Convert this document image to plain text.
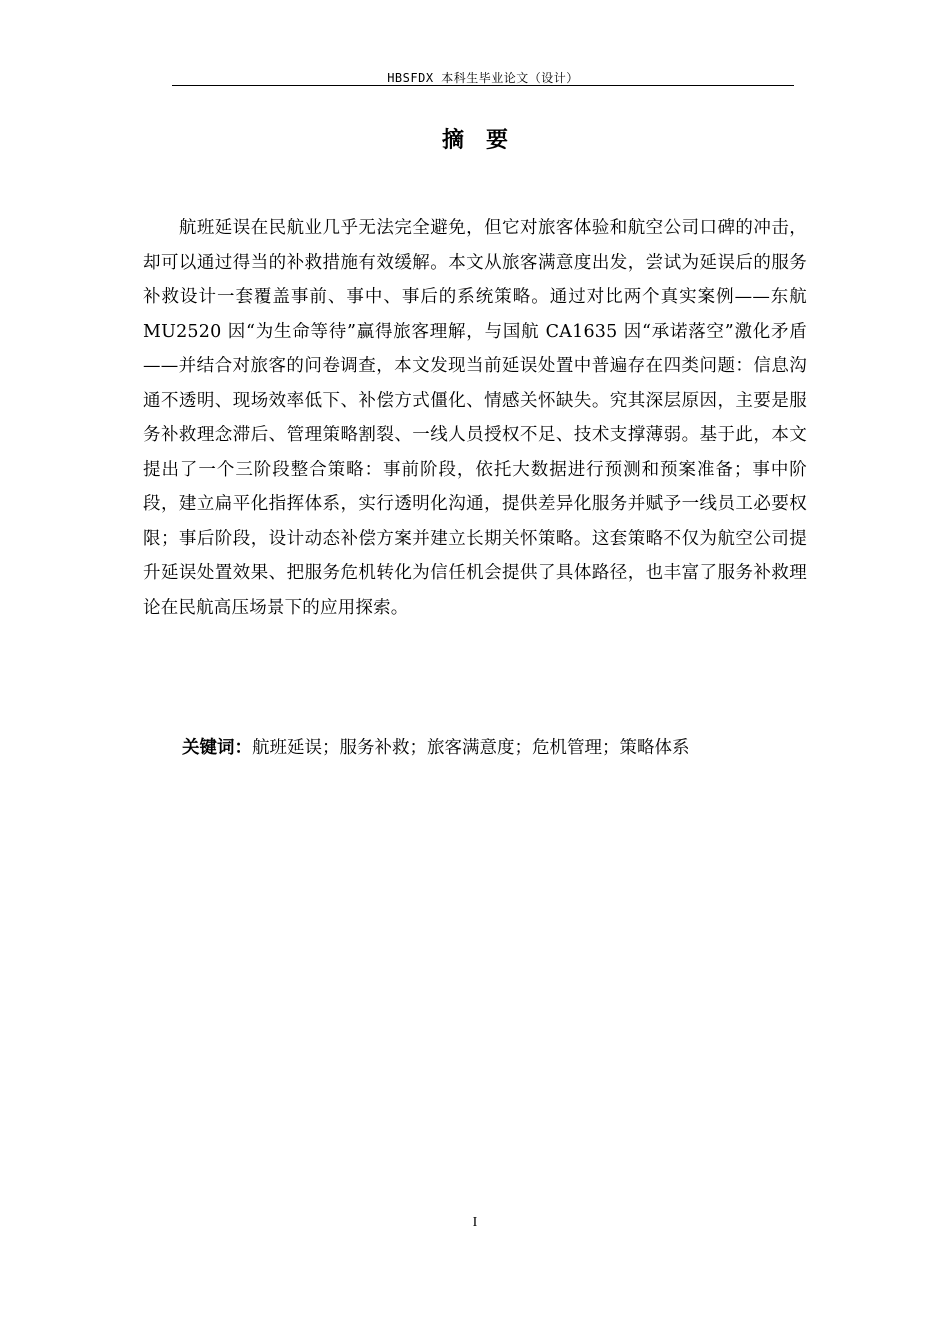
HBSFDX 本科生毕业论文（设计）
摘　要

航班延误在民航业几乎无法完全避免，但它对旅客体验和航空公司口碑的冲击，却可以通过得当的补救措施有效缓解。本文从旅客满意度出发，尝试为延误后的服务补救设计一套覆盖事前、事中、事后的系统策略。通过对比两个真实案例——东航 MU2520 因“为生命等待”赢得旅客理解，与国航 CA1635 因“承诺落空”激化矛盾——并结合对旅客的问卷调查，本文发现当前延误处置中普遍存在四类问题：信息沟通不透明、现场效率低下、补偿方式僵化、情感关怀缺失。究其深层原因，主要是服务补救理念滞后、管理策略割裂、一线人员授权不足、技术支撑薄弱。基于此，本文提出了一个三阶段整合策略：事前阶段，依托大数据进行预测和预案准备；事中阶段，建立扁平化指挥体系，实行透明化沟通，提供差异化服务并赋予一线员工必要权限；事后阶段，设计动态补偿方案并建立长期关怀策略。这套策略不仅为航空公司提升延误处置效果、把服务危机转化为信任机会提供了具体路径，也丰富了服务补救理论在民航高压场景下的应用探索。

关键词：航班延误；服务补救；旅客满意度；危机管理；策略体系
I
